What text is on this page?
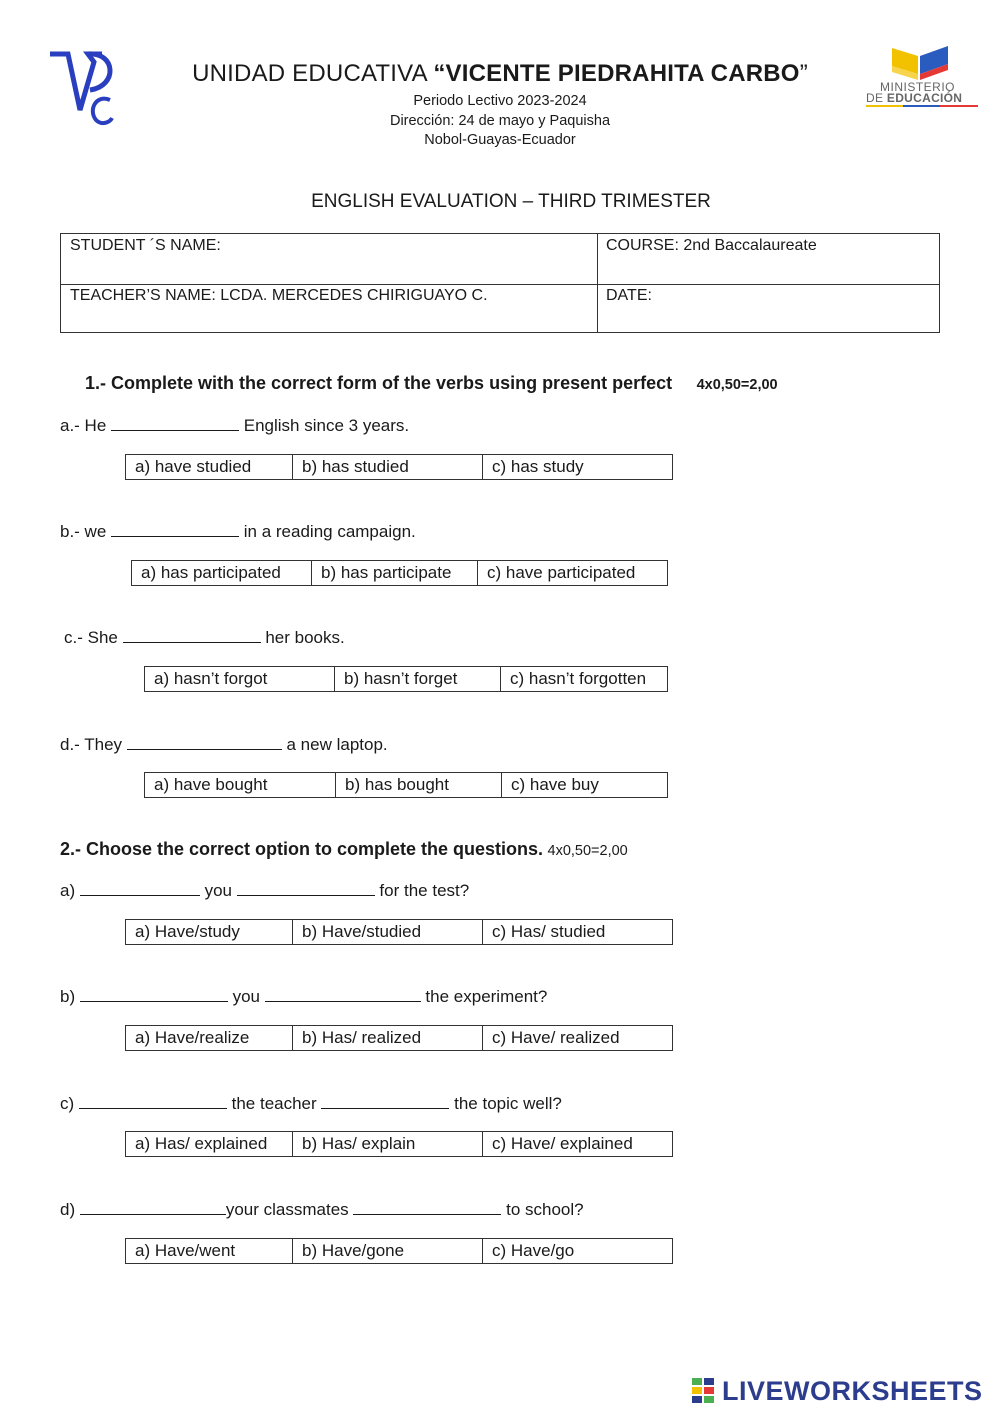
UNIDAD EDUCATIVA “VICENTE PIEDRAHITA CARBO”
Periodo Lectivo 2023-2024
Dirección: 24 de mayo y Paquisha
Nobol-Guayas-Ecuador
MINISTERIO
DE EDUCACIÓN
ENGLISH EVALUATION – THIRD TRIMESTER
STUDENT ´S NAME:	COURSE: 2nd Baccalaureate
TEACHER’S NAME: LCDA. MERCEDES CHIRIGUAYO C.	DATE:
1.- Complete with the correct form of the verbs using present perfect 4x0,50=2,00
a.- He	English since 3 years.
a) have studied	b) has studied	c) has study
b.- we	in a reading campaign.
a) has participated	b) has participate	c) have participated
c.- She	her books.
a) hasn’t forgot	b) hasn’t forget	c) hasn’t forgotten
d.- They	a new laptop.
a) have bought	b) has bought	c) have buy
2.- Choose the correct option to complete the questions. 4x0,50=2,00
a)	you	for the test?
a) Have/study	b) Have/studied	c) Has/ studied
b)	you	the experiment?
a) Have/realize	b) Has/ realized	c) Have/ realized
c)	the teacher	the topic well?
a) Has/ explained	b) Has/ explain	c) Have/ explained
d)	your classmates	to school?
a) Have/went	b) Have/gone	c) Have/go
LIVEWORKSHEETS
